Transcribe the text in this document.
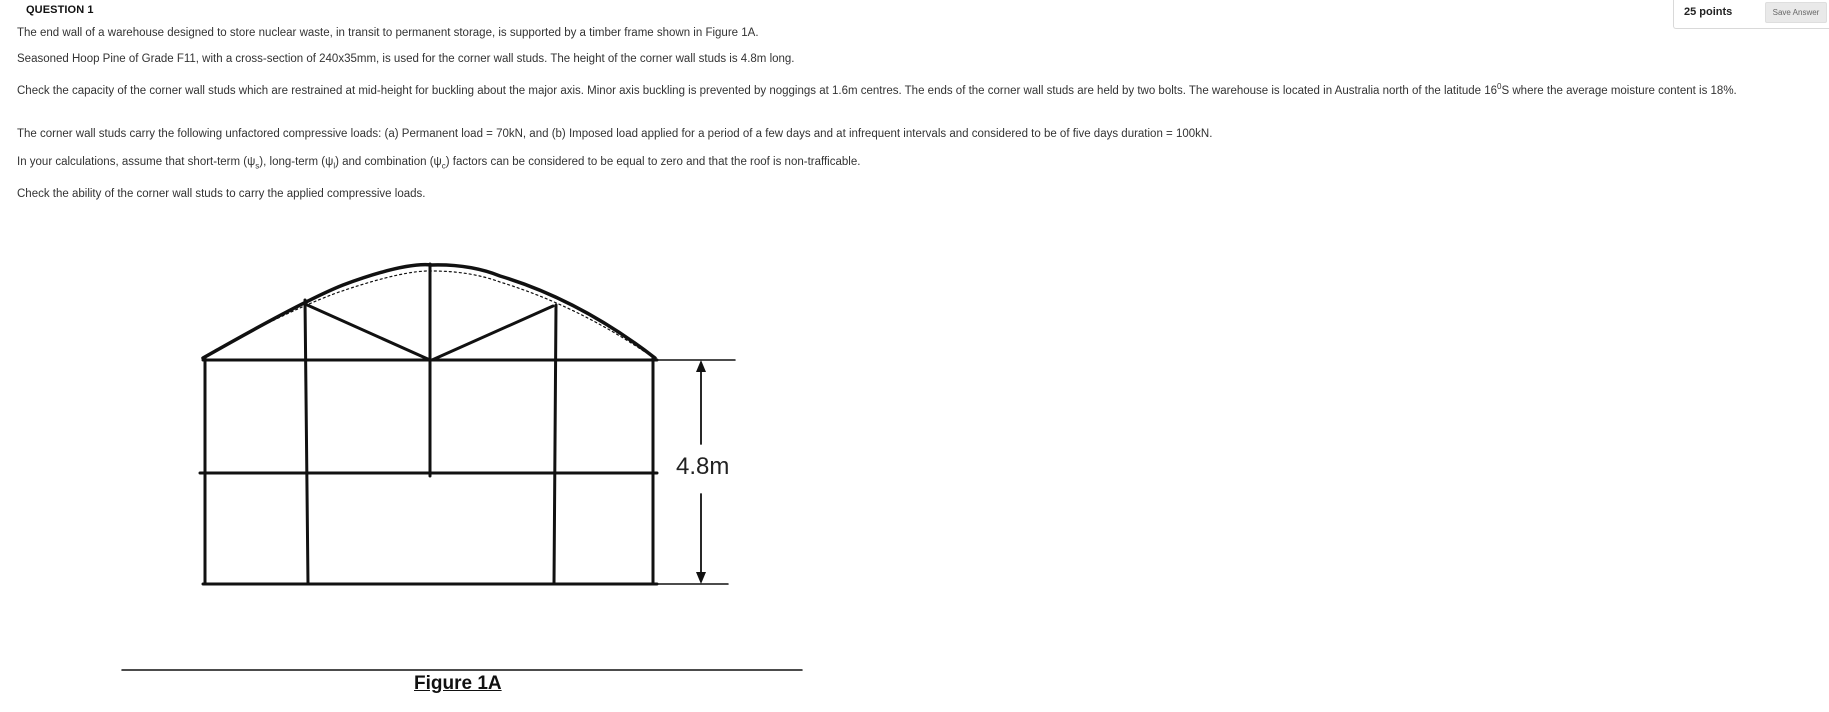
QUESTION 1	25 points	Save Answer
The end wall of a warehouse designed to store nuclear waste, in transit to permanent storage, is supported by a timber frame shown in Figure 1A.
Seasoned Hoop Pine of Grade F11, with a cross-section of 240x35mm, is used for the corner wall studs. The height of the corner wall studs is 4.8m long.
Check the capacity of the corner wall studs which are restrained at mid-height for buckling about the major axis. Minor axis buckling is prevented by noggings at 1.6m centres. The ends of the corner wall studs are held by two bolts. The warehouse is located in Australia north of the latitude $16^0S$ where the average moisture content is 18%.
The corner wall studs carry the following unfactored compressive loads: (a) Permanent load = 70kN, and (b) Imposed load applied for a period of a few days and at infrequent intervals and considered to be of five days duration = 100kN.
In your calculations, assume that short-term $(\psi_s)$, long-term $(\psi_l)$ and combination $(\psi_c)$ factors can be considered to be equal to zero and that the roof is non-trafficable.
Check the ability of the corner wall studs to carry the applied compressive loads.
4.8m
Figure 1A
